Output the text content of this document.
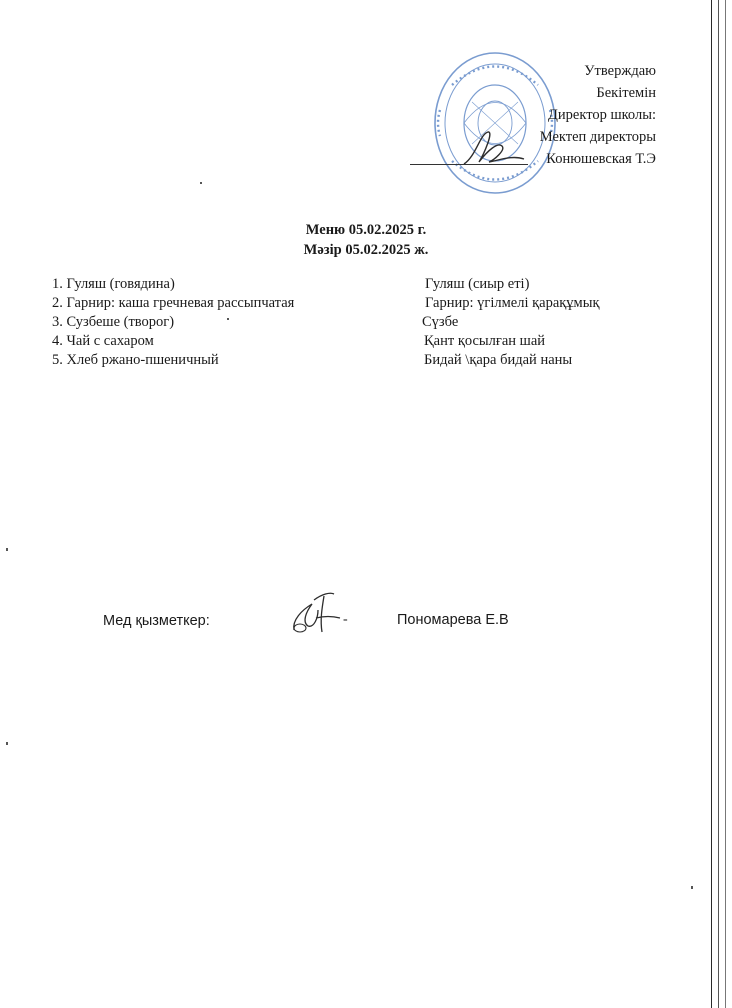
Утверждаю
Бекітемін
Директор школы:
Мектеп директоры
Конюшевская Т.Э
Меню 05.02.2025 г.
Мәзір 05.02.2025 ж.
1. Гуляш (говядина)
2. Гарнир: каша гречневая рассыпчатая
3. Сузбеше (творог)
4. Чай с сахаром
5. Хлеб ржано-пшеничный
Гуляш (сиыр еті)
Гарнир: үгілмелі қарақұмық
Сүзбе
Қант қосылған шай
Бидай \қара бидай наны
Мед қызметкер:	-	Пономарева Е.В
